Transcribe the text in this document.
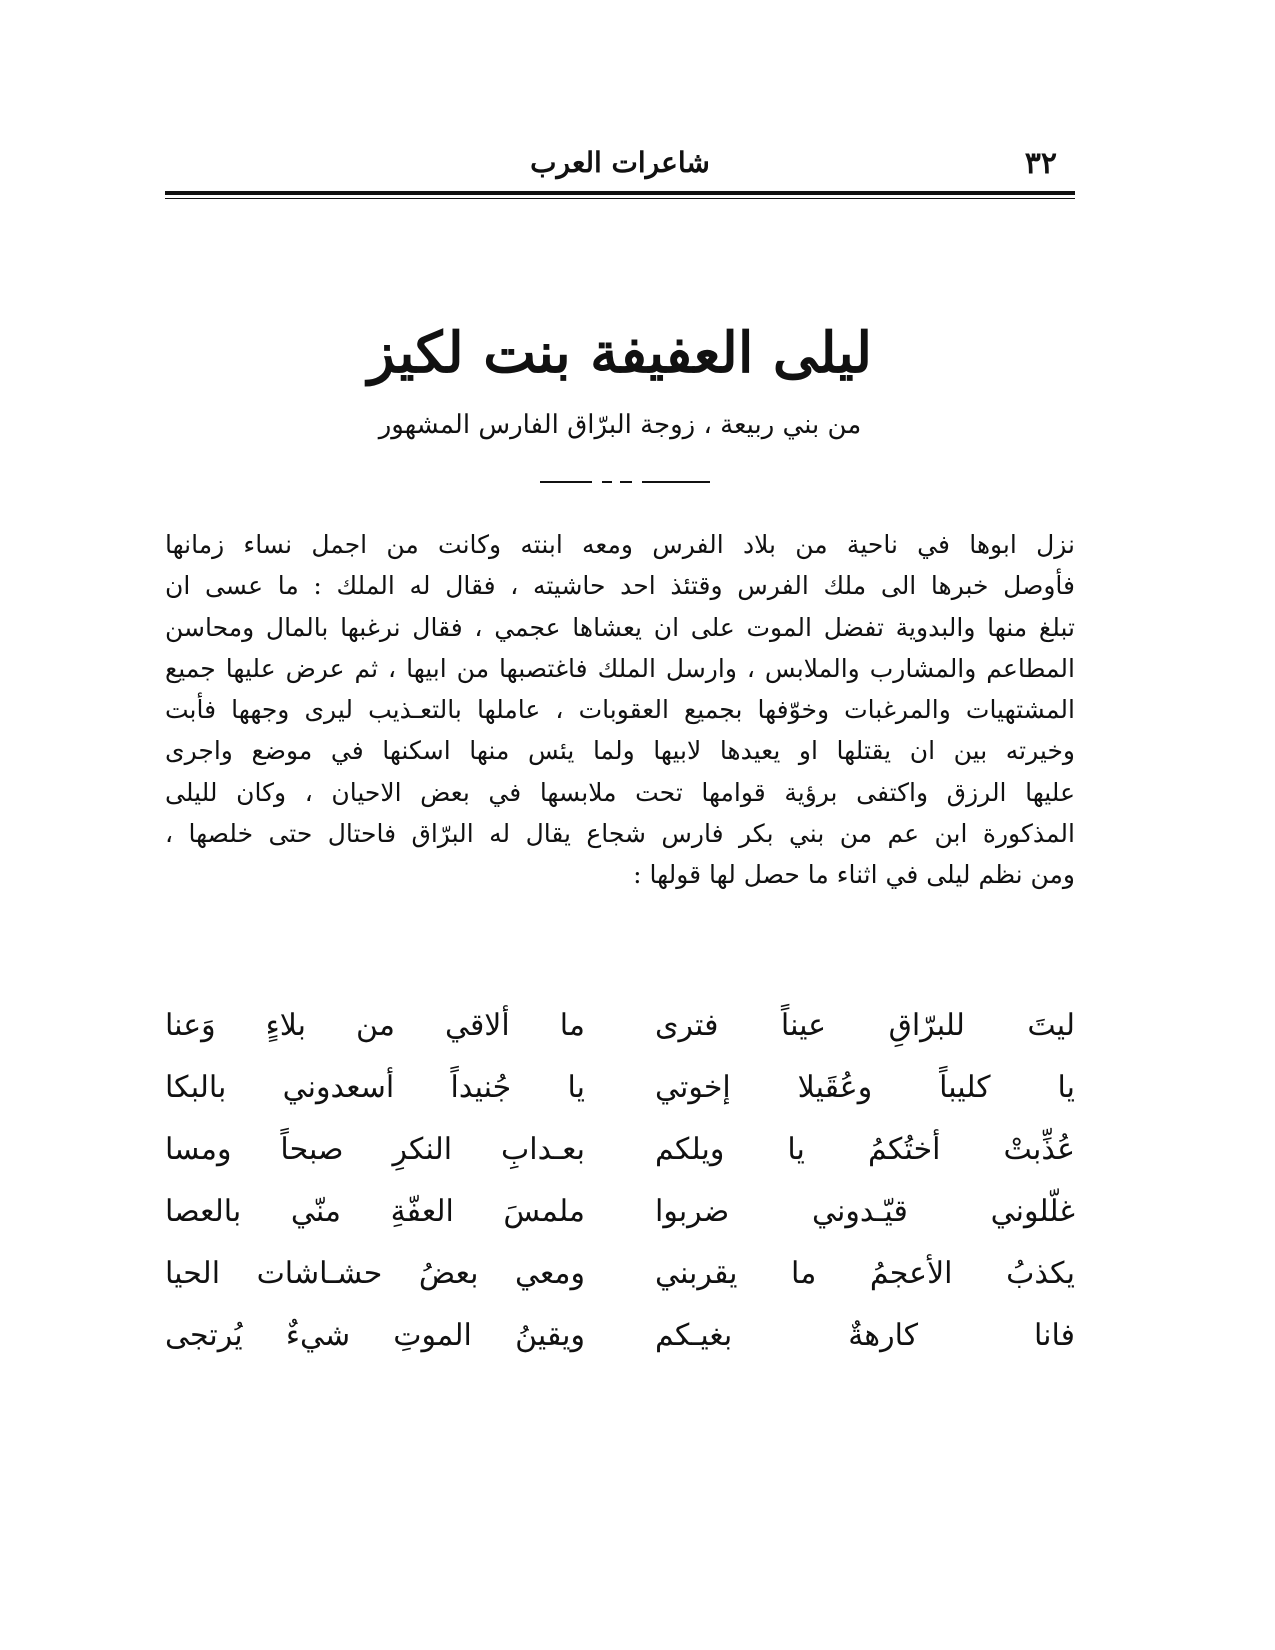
٣٢
شاعرات العرب
ليلى العفيفة بنت لكيز
من بني ربيعة ، زوجة البرّاق الفارس المشهور
نزل ابوها في ناحية من بلاد الفرس ومعه ابنته وكانت من اجمل نساء زمانها
فأوصل خبرها الى ملك الفرس وقتئذ احد حاشيته ، فقال له الملك : ما عسى ان
تبلغ منها والبدوية تفضل الموت على ان يعشاها عجمي ، فقال نرغبها بالمال ومحاسن
المطاعم والمشارب والملابس ، وارسل الملك فاغتصبها من ابيها ، ثم عرض عليها جميع
المشتهيات والمرغبات وخوّفها بجميع العقوبات ، عاملها بالتعـذيب ليرى وجهها فأبت
وخيرته بين ان يقتلها او يعيدها لابيها ولما يئس منها اسكنها في موضع واجرى
عليها الرزق واكتفى برؤية قوامها تحت ملابسها في بعض الاحيان ، وكان لليلى
المذكورة ابن عم من بني بكر فارس شجاع يقال له البرّاق فاحتال حتى خلصها ،
ومن نظم ليلى في اثناء ما حصل لها قولها :
ليتَ للبرّاقِ عيناً فترى
ما ألاقي من بلاءٍ وَعنا
يا كليباً وعُقَيلا إخوتي
يا جُنيداً أسعدوني بالبكا
عُذِّبتْ أختُكمُ يا ويلكم
بعـدابِ النكرِ صبحاً ومسا
غلّلوني قيّـدوني ضربوا
ملمسَ العفّةِ منّي بالعصا
يكذبُ الأعجمُ ما يقربني
ومعي بعضُ حشـاشات الحيا
فانا كارهةٌ بغيـكم
ويقينُ الموتِ شيءٌ يُرتجى
